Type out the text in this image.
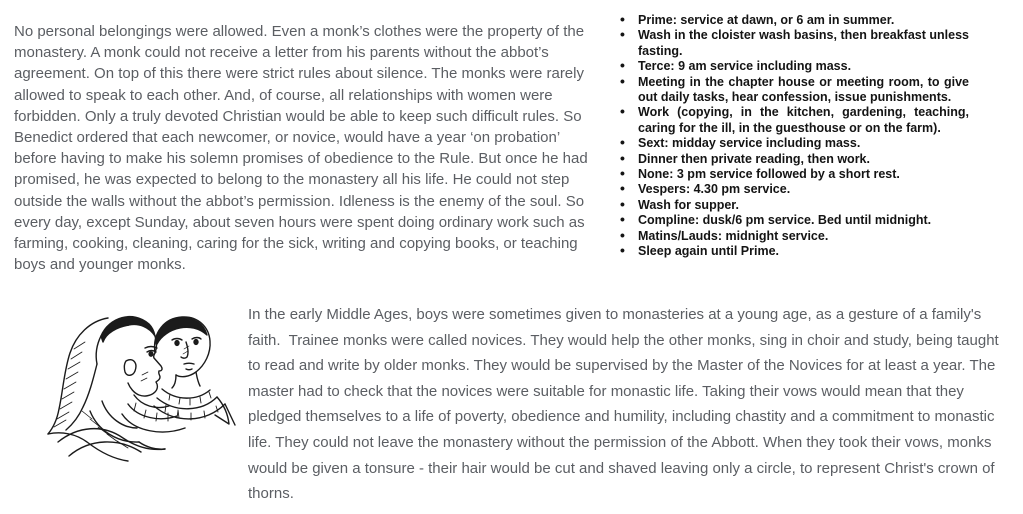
No personal belongings were allowed. Even a monk’s clothes were the property of the monastery. A monk could not receive a letter from his parents without the abbot’s agreement. On top of this there were strict rules about silence. The monks were rarely allowed to speak to each other. And, of course, all relationships with women were forbidden. Only a truly devoted Christian would be able to keep such difficult rules. So Benedict ordered that each newcomer, or novice, would have a year ‘on probation’ before having to make his solemn promises of obedience to the Rule. But once he had promised, he was expected to belong to the monastery all his life. He could not step outside the walls without the abbot’s permission. Idleness is the enemy of the soul. So every day, except Sunday, about seven hours were spent doing ordinary work such as farming, cooking, cleaning, caring for the sick, writing and copying books, or teaching boys and younger monks.

• Prime: service at dawn, or 6 am in summer.
• Wash in the cloister wash basins, then breakfast unless fasting.
• Terce: 9 am service including mass.
• Meeting in the chapter house or meeting room, to give out daily tasks, hear confession, issue punishments.
• Work (copying, in the kitchen, gardening, teaching, caring for the ill, in the guesthouse or on the farm).
• Sext: midday service including mass.
• Dinner then private reading, then work.
• None: 3 pm service followed by a short rest.
• Vespers: 4.30 pm service.
• Wash for supper.
• Compline: dusk/6 pm service. Bed until midnight.
• Matins/Lauds: midnight service.
• Sleep again until Prime.

In the early Middle Ages, boys were sometimes given to monasteries at a young age, as a gesture of a family's faith.  Trainee monks were called novices. They would help the other monks, sing in choir and study, being taught to read and write by older monks. They would be supervised by the Master of the Novices for at least a year. The master had to check that the novices were suitable for monastic life. Taking their vows would mean that they pledged themselves to a life of poverty, obedience and humility, including chastity and a commitment to monastic life. They could not leave the monastery without the permission of the Abbott. When they took their vows, monks would be given a tonsure - their hair would be cut and shaved leaving only a circle, to represent Christ's crown of thorns.
